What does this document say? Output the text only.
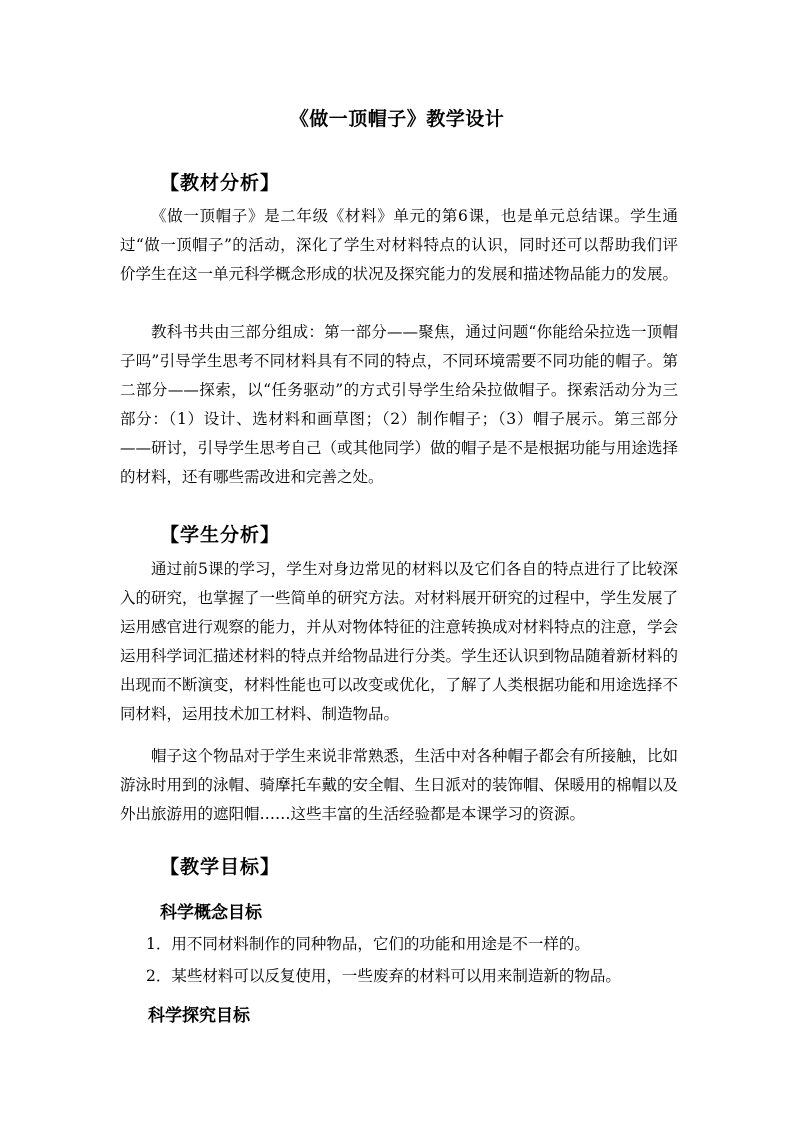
《做一顶帽子》教学设计
【教材分析】
《做一顶帽子》是二年级《材料》单元的第6课，也是单元总结课。学生通过“做一顶帽子”的活动，深化了学生对材料特点的认识，同时还可以帮助我们评价学生在这一单元科学概念形成的状况及探究能力的发展和描述物品能力的发展。
教科书共由三部分组成：第一部分——聚焦，通过问题“你能给朵拉选一顶帽子吗”引导学生思考不同材料具有不同的特点，不同环境需要不同功能的帽子。第二部分——探索，以“任务驱动”的方式引导学生给朵拉做帽子。探索活动分为三部分：（1）设计、选材料和画草图；（2）制作帽子；（3）帽子展示。第三部分——研讨，引导学生思考自己（或其他同学）做的帽子是不是根据功能与用途选择的材料，还有哪些需改进和完善之处。
【学生分析】
通过前5课的学习，学生对身边常见的材料以及它们各自的特点进行了比较深入的研究，也掌握了一些简单的研究方法。对材料展开研究的过程中，学生发展了运用感官进行观察的能力，并从对物体特征的注意转换成对材料特点的注意，学会运用科学词汇描述材料的特点并给物品进行分类。学生还认识到物品随着新材料的出现而不断演变，材料性能也可以改变或优化，了解了人类根据功能和用途选择不同材料，运用技术加工材料、制造物品。
帽子这个物品对于学生来说非常熟悉，生活中对各种帽子都会有所接触，比如游泳时用到的泳帽、骑摩托车戴的安全帽、生日派对的装饰帽、保暖用的棉帽以及外出旅游用的遮阳帽……这些丰富的生活经验都是本课学习的资源。
【教学目标】
科学概念目标
1．用不同材料制作的同种物品，它们的功能和用途是不一样的。
2．某些材料可以反复使用，一些废弃的材料可以用来制造新的物品。
科学探究目标
